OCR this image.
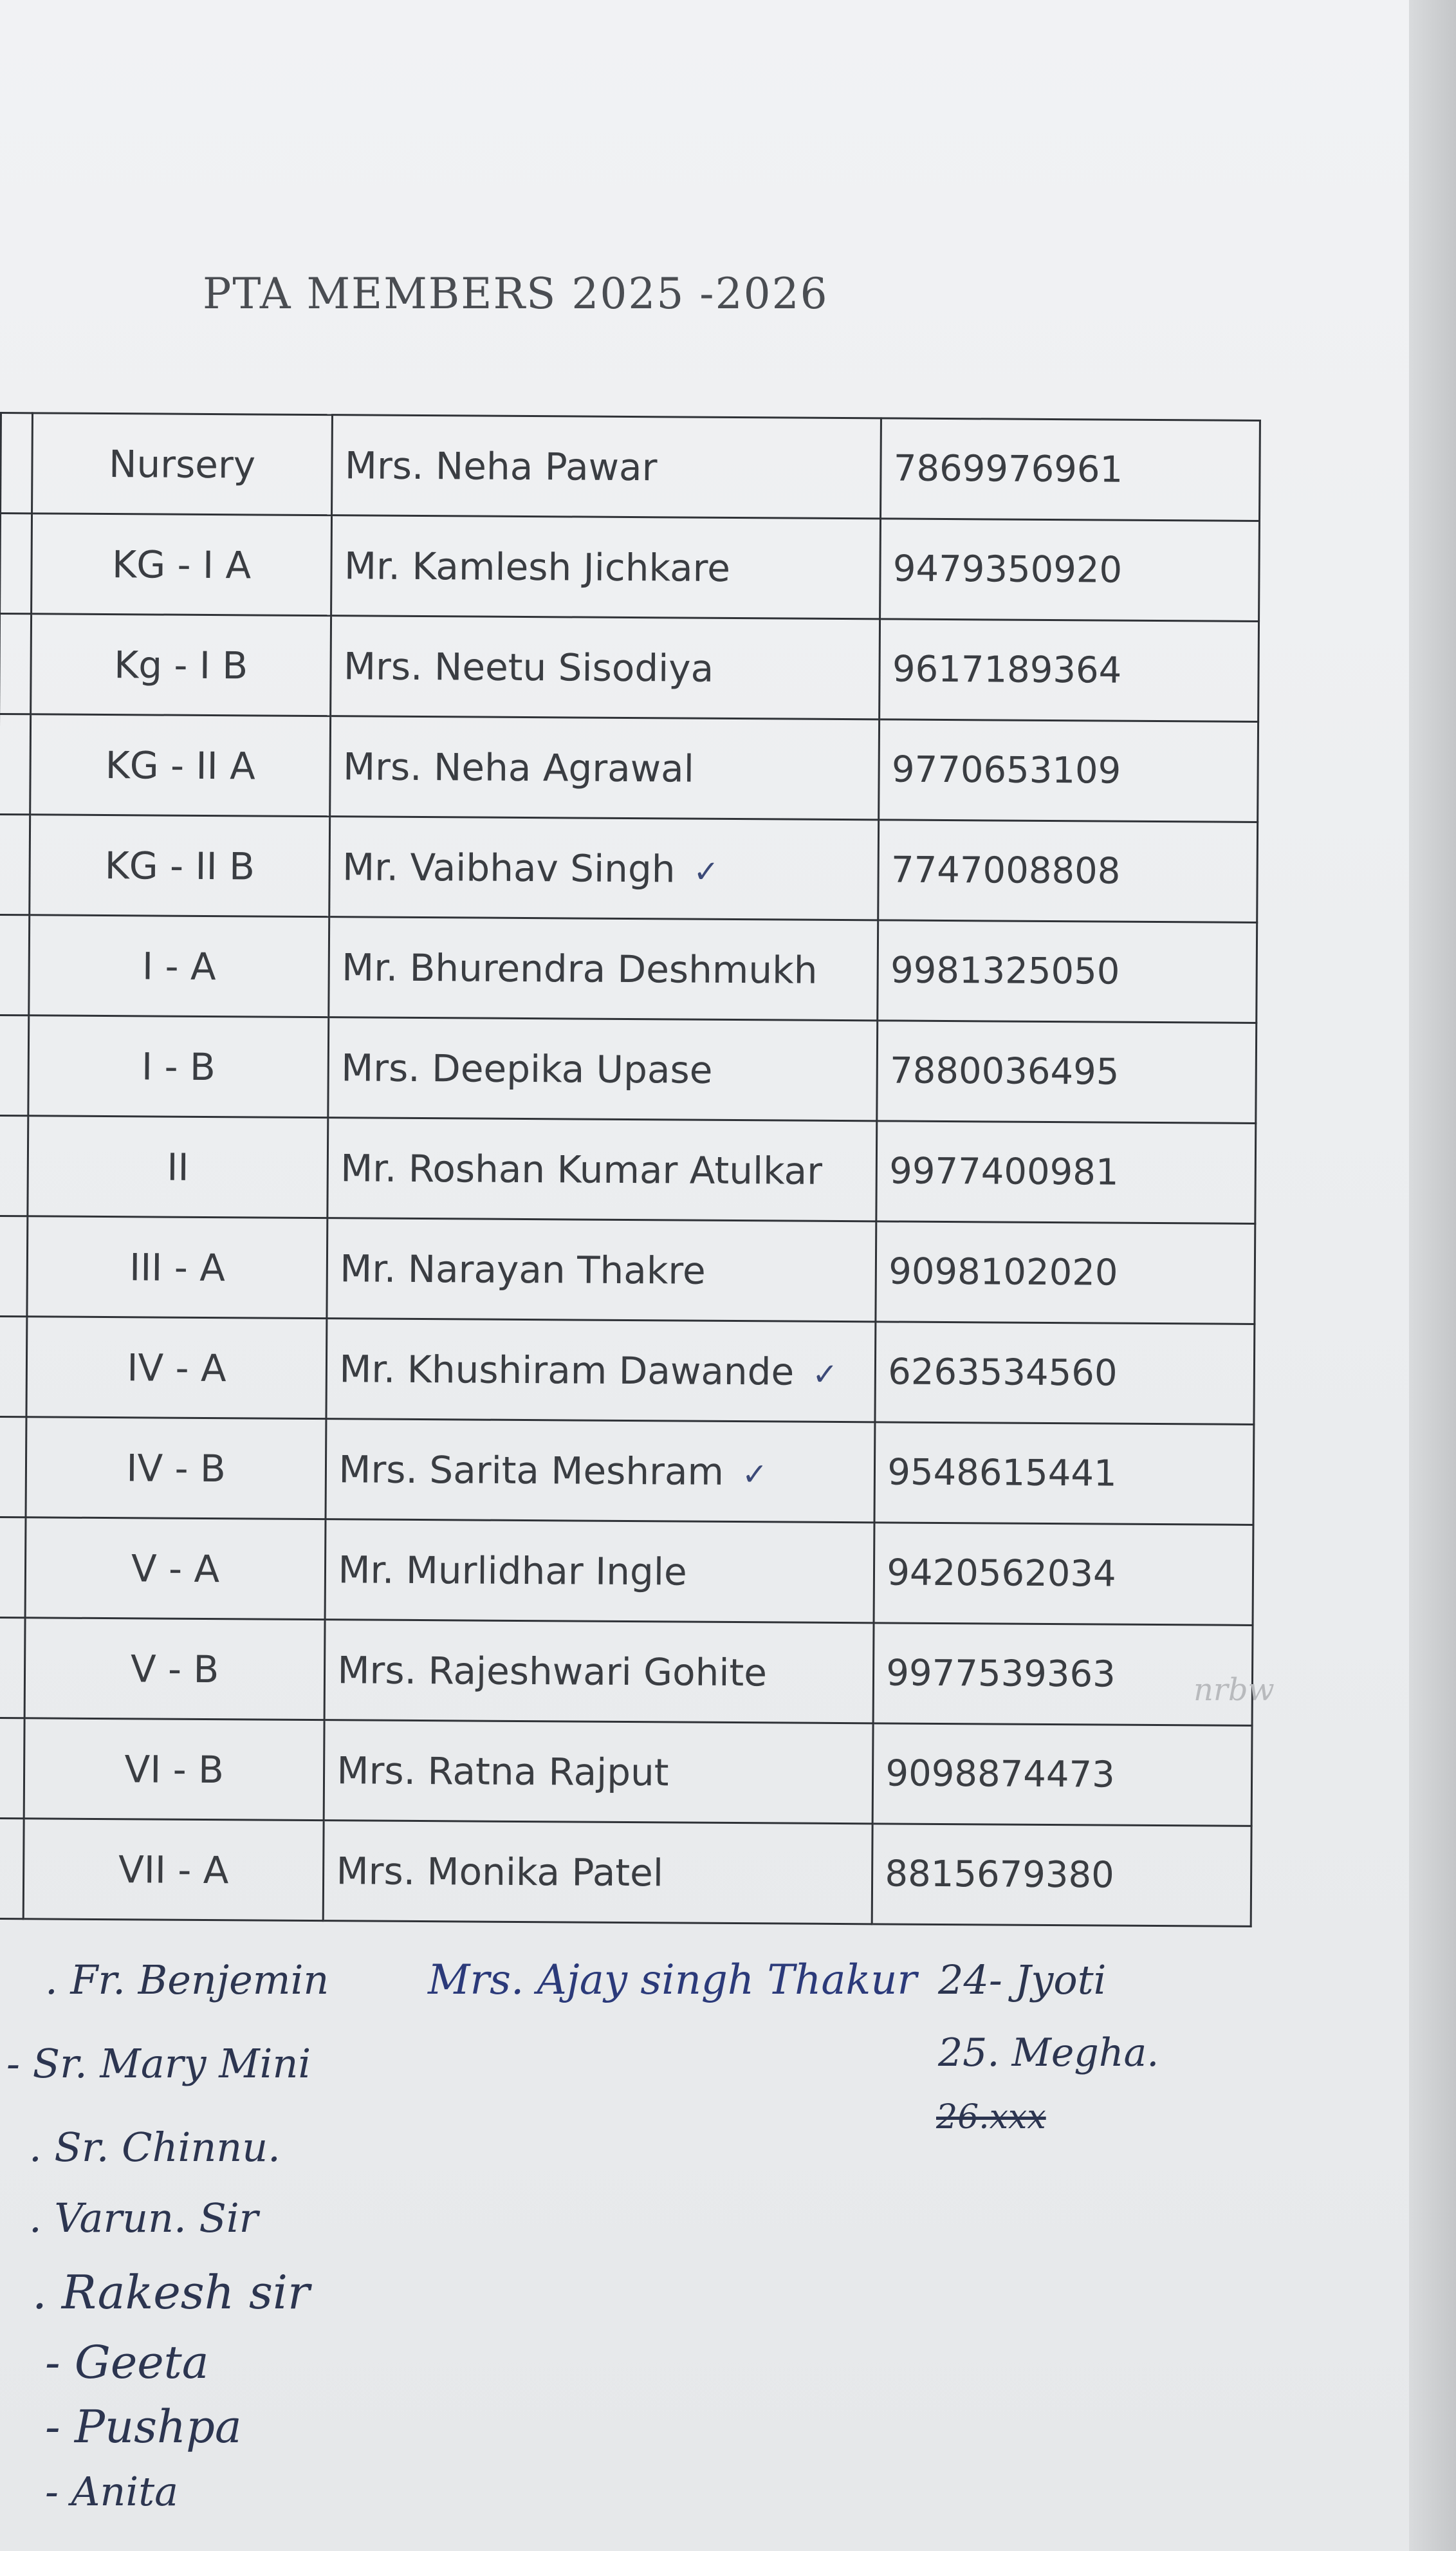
PTA MEMBERS 2025 -2026
	Nursery	Mrs. Neha Pawar	7869976961
	KG - I A	Mr. Kamlesh Jichkare	9479350920
	Kg - I B	Mrs. Neetu Sisodiya	9617189364
	KG - II A	Mrs. Neha Agrawal	9770653109
	KG - II B	Mr. Vaibhav Singh ✓	7747008808
	I - A	Mr. Bhurendra Deshmukh	9981325050
	I - B	Mrs. Deepika Upase	7880036495
	II	Mr. Roshan Kumar Atulkar	9977400981
	III - A	Mr. Narayan Thakre	9098102020
	IV - A	Mr. Khushiram Dawande ✓	6263534560
	IV - B	Mrs. Sarita Meshram ✓	9548615441
	V - A	Mr. Murlidhar Ingle	9420562034
	V - B	Mrs. Rajeshwari Gohite	9977539363
	VI - B	Mrs. Ratna Rajput	9098874473
	VII - A	Mrs. Monika Patel	8815679380
nrbw
. Fr. Benjemin Mrs. Ajay singh Thakur 24- Jyoti
- Sr. Mary Mini	25. Megha.
26.xxx
. Sr. Chinnu.
. Varun. Sir
. Rakesh sir
- Geeta
- Pushpa
- Anita
